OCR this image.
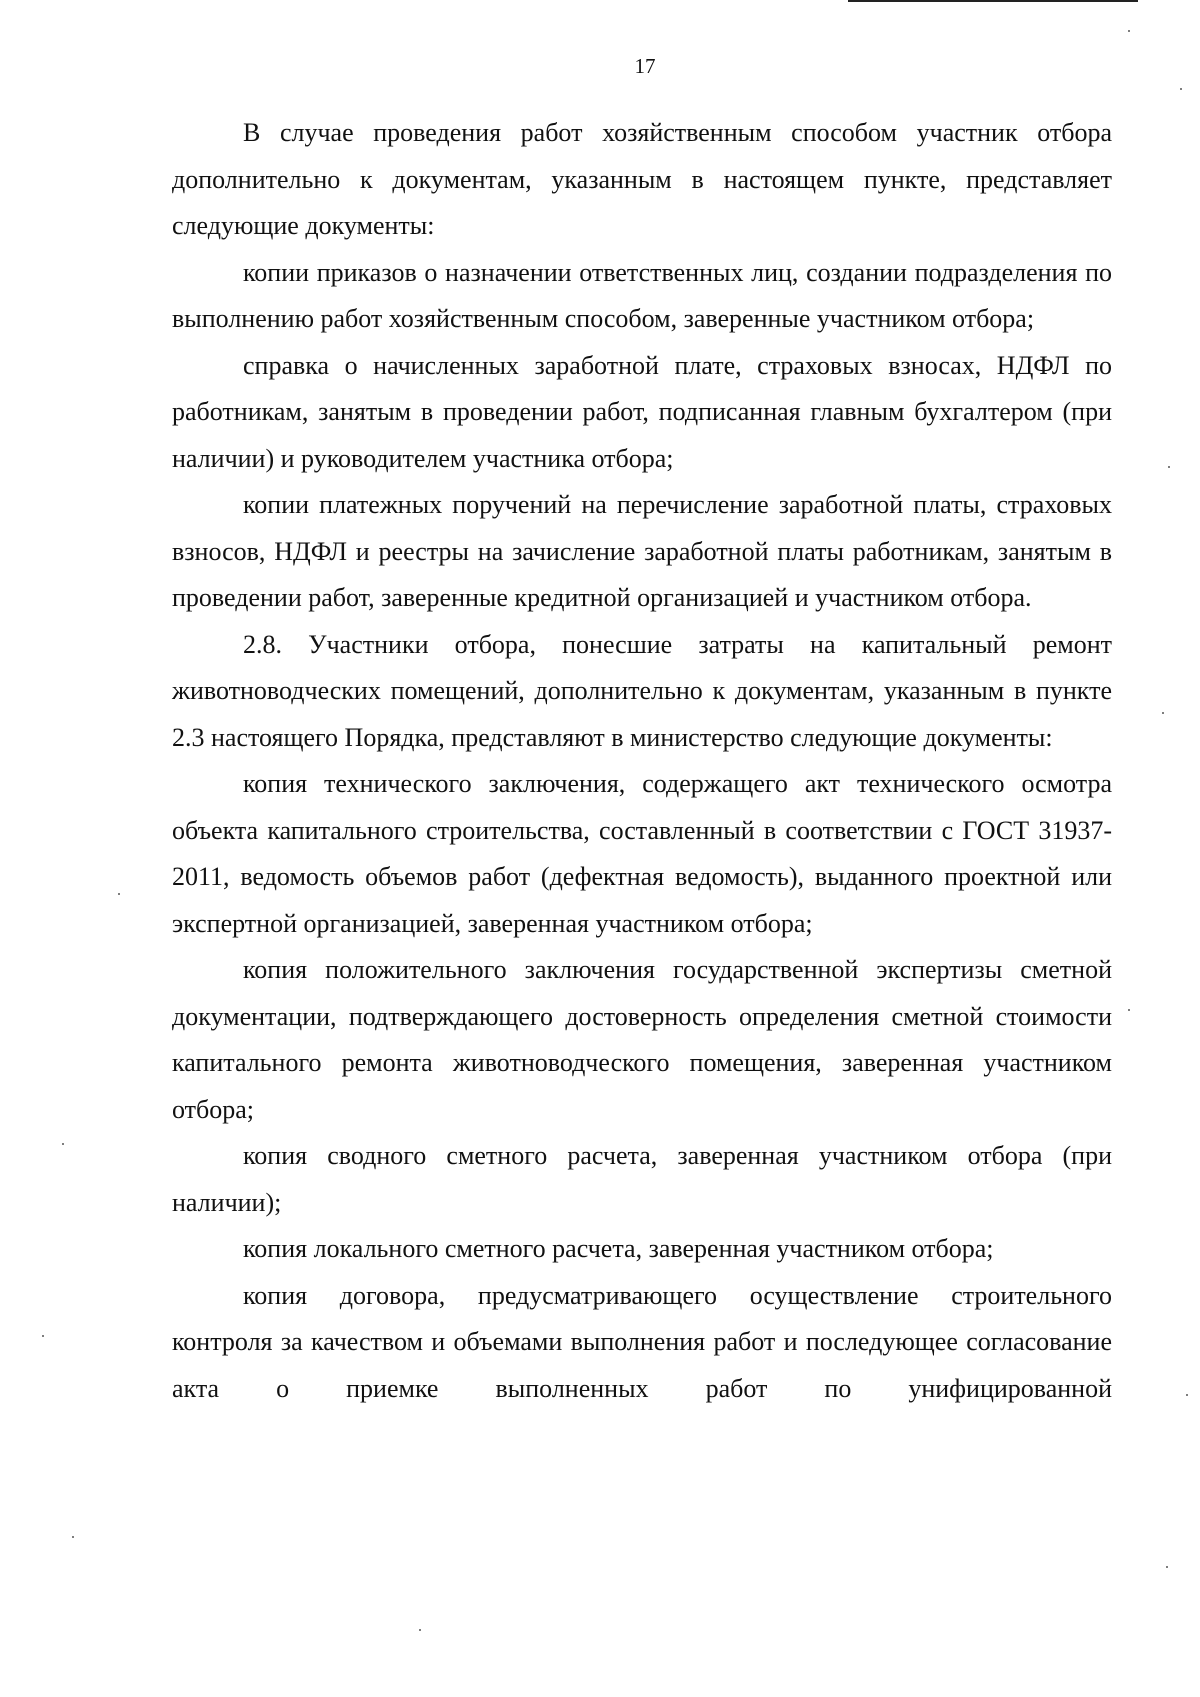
17

В случае проведения работ хозяйственным способом участник отбора дополнительно к документам, указанным в настоящем пункте, представляет следующие документы:

копии приказов о назначении ответственных лиц, создании подразделения по выполнению работ хозяйственным способом, заверенные участником отбора;

справка о начисленных заработной плате, страховых взносах, НДФЛ по работникам, занятым в проведении работ, подписанная главным бухгалтером (при наличии) и руководителем участника отбора;

копии платежных поручений на перечисление заработной платы, страховых взносов, НДФЛ и реестры на зачисление заработной платы работникам, занятым в проведении работ, заверенные кредитной организацией и участником отбора.

2.8. Участники отбора, понесшие затраты на капитальный ремонт животноводческих помещений, дополнительно к документам, указанным в пункте 2.3 настоящего Порядка, представляют в министерство следующие документы:

копия технического заключения, содержащего акт технического осмотра объекта капитального строительства, составленный в соответствии с ГОСТ 31937-2011, ведомость объемов работ (дефектная ведомость), выданного проектной или экспертной организацией, заверенная участником отбора;

копия положительного заключения государственной экспертизы сметной документации, подтверждающего достоверность определения сметной стоимости капитального ремонта животноводческого помещения, заверенная участником отбора;

копия сводного сметного расчета, заверенная участником отбора (при наличии);

копия локального сметного расчета, заверенная участником отбора;

копия договора, предусматривающего осуществление строительного контроля за качеством и объемами выполнения работ и последующее согласование акта о приемке выполненных работ по унифицированной
